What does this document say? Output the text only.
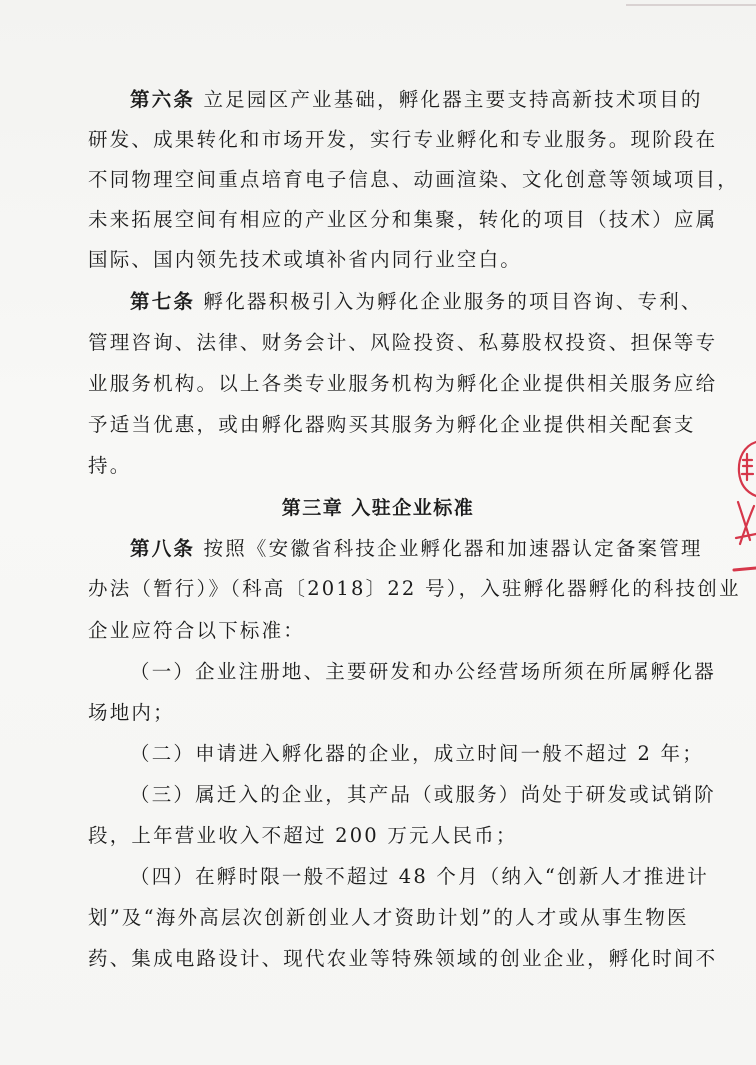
第六条 立足园区产业基础，孵化器主要支持高新技术项目的
研发、成果转化和市场开发，实行专业孵化和专业服务。现阶段在
不同物理空间重点培育电子信息、动画渲染、文化创意等领域项目，
未来拓展空间有相应的产业区分和集聚，转化的项目（技术）应属
国际、国内领先技术或填补省内同行业空白。
第七条 孵化器积极引入为孵化企业服务的项目咨询、专利、
管理咨询、法律、财务会计、风险投资、私募股权投资、担保等专
业服务机构。以上各类专业服务机构为孵化企业提供相关服务应给
予适当优惠，或由孵化器购买其服务为孵化企业提供相关配套支
持。
第三章 入驻企业标准
第八条 按照《安徽省科技企业孵化器和加速器认定备案管理
办法（暂行）》（科高〔2018〕22 号），入驻孵化器孵化的科技创业
企业应符合以下标准：
（一）企业注册地、主要研发和办公经营场所须在所属孵化器
场地内；
（二）申请进入孵化器的企业，成立时间一般不超过 2 年；
（三）属迁入的企业，其产品（或服务）尚处于研发或试销阶
段，上年营业收入不超过 200 万元人民币；
（四）在孵时限一般不超过 48 个月（纳入“创新人才推进计
划”及“海外高层次创新创业人才资助计划”的人才或从事生物医
药、集成电路设计、现代农业等特殊领域的创业企业，孵化时间不
